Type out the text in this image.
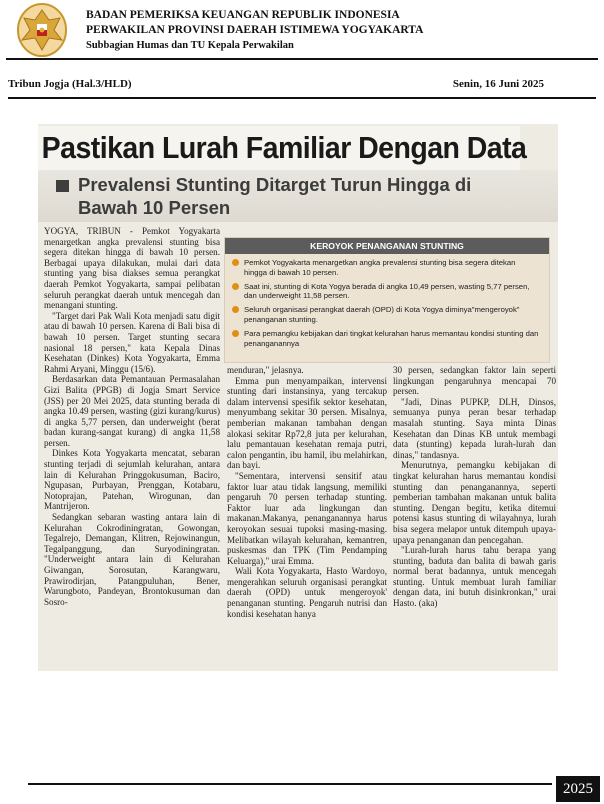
BADAN PEMERIKSA KEUANGAN REPUBLIK INDONESIA
PERWAKILAN PROVINSI DAERAH ISTIMEWA YOGYAKARTA
Subbagian Humas dan TU Kepala Perwakilan
Tribun Jogja (Hal.3/HLD)	Senin, 16 Juni 2025
Pastikan Lurah Familiar Dengan Data
Prevalensi Stunting Ditarget Turun Hingga di
Bawah 10 Persen

YOGYA, TRIBUN - Pemkot Yogyakarta menargetkan angka prevalensi stunting bisa segera ditekan hingga di bawah 10 persen. Berbagai upaya dilakukan, mulai dari data stunting yang bisa diakses semua perangkat daerah Pemkot Yogyakarta, sampai pelibatan seluruh perangkat daerah untuk mencegah dan menangani stunting.

"Target dari Pak Wali Kota menjadi satu digit atau di bawah 10 persen. Karena di Bali bisa di bawah 10 persen. Target stunting secara nasional 18 persen," kata Kepala Dinas Kesehatan (Dinkes) Kota Yogyakarta, Emma Rahmi Aryani, Minggu (15/6).

Berdasarkan data Pemantauan Permasalahan Gizi Balita (PPGB) di Jogja Smart Service (JSS) per 20 Mei 2025, data stunting berada di angka 10.49 persen, wasting (gizi kurang/kurus) di angka 5,77 persen, dan underweight (berat badan kurang-sangat kurang) di angka 11,58 persen.

Dinkes Kota Yogyakarta mencatat, sebaran stunting terjadi di sejumlah kelurahan, antara lain di Kelurahan Pringgokusuman, Baciro, Ngupasan, Purbayan, Prenggan, Kotabaru, Notoprajan, Patehan, Wirogunan, dan Mantrijeron.

Sedangkan sebaran wasting antara lain di Kelurahan Cokrodiningratan, Gowongan, Tegalrejo, Demangan, Klitren, Rejowinangun, Tegalpanggung, dan Suryodiningratan. "Underweight antara lain di Kelurahan Giwangan, Sorosutan, Karangwaru, Prawirodirjan, Patangpuluhan, Bener, Warungboto, Pandeyan, Brontokusuman dan Sosro-

KEROYOK PENANGANAN STUNTING
Pemkot Yogyakarta menargetkan angka prevalensi stunting bisa segera ditekan hingga di bawah 10 persen.
Saat ini, stunting di Kota Yogya berada di angka 10,49 persen, wasting 5,77 persen, dan underweight 11,58 persen.
Seluruh organisasi perangkat daerah (OPD) di Kota Yogya diminya"mengeroyok" penanganan stunting.
Para pemangku kebijakan dari tingkat kelurahan harus memantau kondisi stunting dan penanganannya

menduran," jelasnya.

Emma pun menyampaikan, intervensi stunting dari instansinya, yang tercakup dalam intervensi spesifik sektor kesehatan, menyumbang sekitar 30 persen. Misalnya, pemberian makanan tambahan dengan alokasi sekitar Rp72,8 juta per kelurahan, lalu pemantauan kesehatan remaja putri, calon pengantin, ibu hamil, ibu melahirkan, dan bayi.

"Sementara, intervensi sensitif atau faktor luar atau tidak langsung, memiliki pengaruh 70 persen terhadap stunting. Faktor luar ada lingkungan dan makanan.Makanya, penanganannya harus keroyokan sesuai tupoksi masing-masing. Melibatkan wilayah kelurahan, kemantren, puskesmas dan TPK (Tim Pendamping Keluarga)," urai Emma.

Wali Kota Yogyakarta, Hasto Wardoyo, mengerahkan seluruh organisasi perangkat daerah (OPD) untuk mengeroyok' penanganan stunting. Pengaruh nutrisi dan kondisi kesehatan hanya

30 persen, sedangkan faktor lain seperti lingkungan pengaruhnya mencapai 70 persen.

"Jadi, Dinas PUPKP, DLH, Dinsos, semuanya punya peran besar terhadap masalah stunting. Saya minta Dinas Kesehatan dan Dinas KB untuk membagi data (stunting) kepada lurah-lurah dan dinas," tandasnya.

Menurutnya, pemangku kebijakan di tingkat kelurahan harus memantau kondisi stunting dan penanganannya, seperti pemberian tambahan makanan untuk balita stunting. Dengan begitu, ketika ditemui potensi kasus stunting di wilayahnya, lurah bisa segera melapor untuk ditempuh upaya-upaya penanganan dan pencegahan.

"Lurah-lurah harus tahu berapa yang stunting, baduta dan balita di bawah garis normal berat badannya, untuk mencegah stunting. Untuk membuat lurah familiar dengan data, ini butuh disinkronkan," urai Hasto. (aka)

2025
